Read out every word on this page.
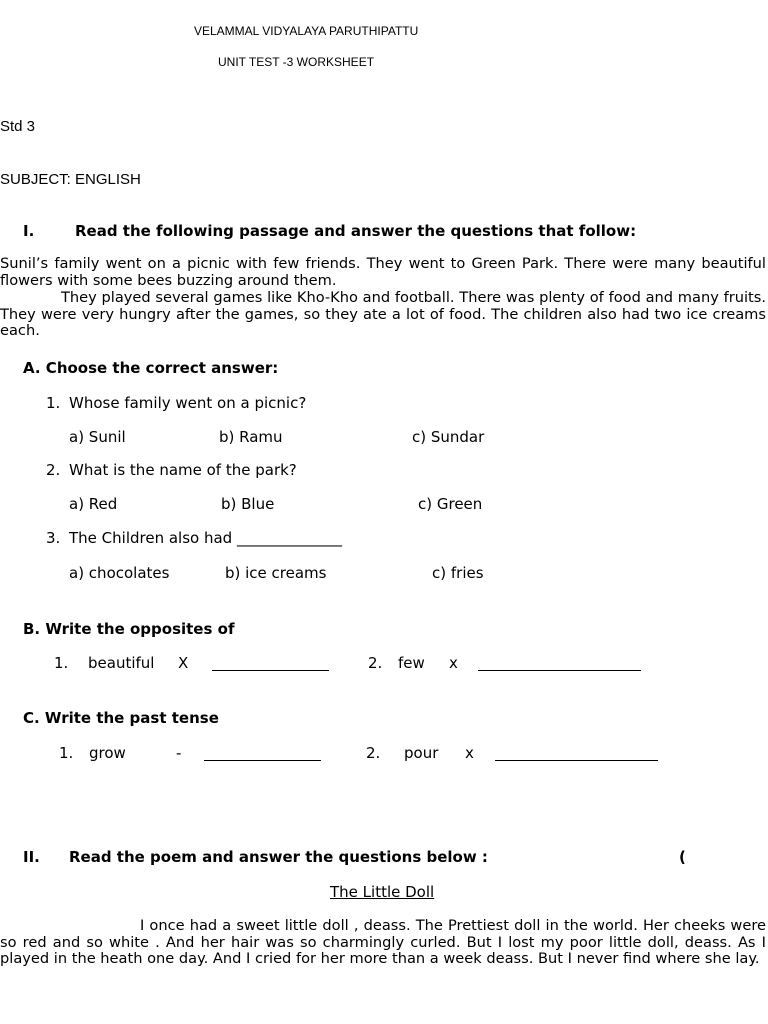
VELAMMAL VIDYALAYA PARUTHIPATTU
UNIT TEST -3 WORKSHEET
Std 3
SUBJECT: ENGLISH
I.	Read the following passage and answer the questions that follow:
Sunil’s family went on a picnic with few friends. They went to Green Park. There were many beautiful flowers with some bees buzzing around them.
They played several games like Kho-Kho and football. There was plenty of food and many fruits. They were very hungry after the games, so they ate a lot of food. The children also had two ice creams each.
A. Choose the correct answer:
1. Whose family went on a picnic?
a) Sunil	b) Ramu	c) Sundar
2. What is the name of the park?
a) Red	b) Blue	c) Green
3. The Children also had ______________
a) chocolates	b) ice creams	c) fries
B. Write the opposites of
1. beautiful X	2. few x
C. Write the past tense
1. grow	-	2. pour x
II. Read the poem and answer the questions below :	(
The Little Doll
I once had a sweet little doll , deass. The Prettiest doll in the world. Her cheeks were so red and so white . And her hair was so charmingly curled. But I lost my poor little doll, deass. As I played in the heath one day. And I cried for her more than a week deass. But I never find where she lay.
